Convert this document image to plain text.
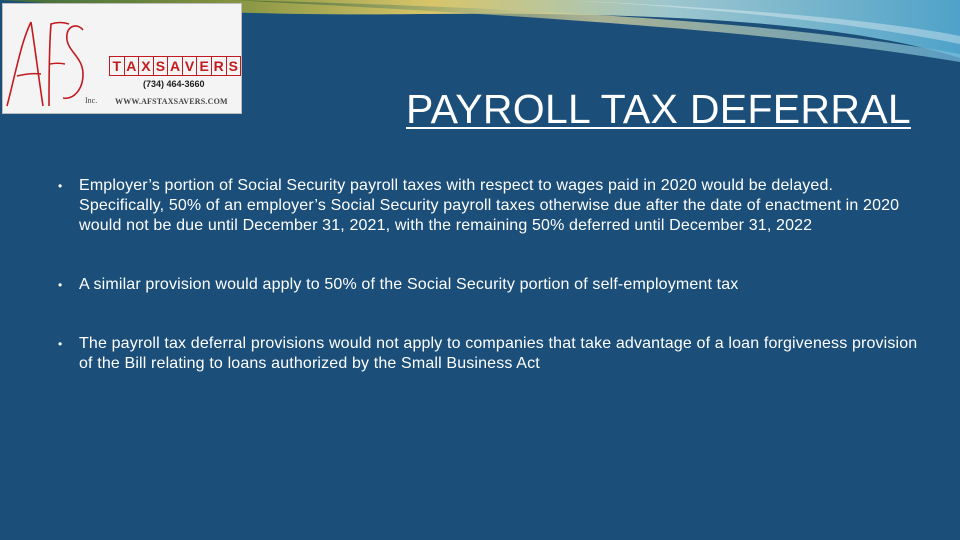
T A X S A V E R S
(734) 464-3660
Inc. WWW.AFSTAXSAVERS.COM	PAYROLL TAX DEFERRAL
• Employer’s portion of Social Security payroll taxes with respect to wages paid in 2020 would be delayed. Specifically, 50% of an employer’s Social Security payroll taxes otherwise due after the date of enactment in 2020 would not be due until December 31, 2021, with the remaining 50% deferred until December 31, 2022
• A similar provision would apply to 50% of the Social Security portion of self-employment tax
• The payroll tax deferral provisions would not apply to companies that take advantage of a loan forgiveness provision of the Bill relating to loans authorized by the Small Business Act
